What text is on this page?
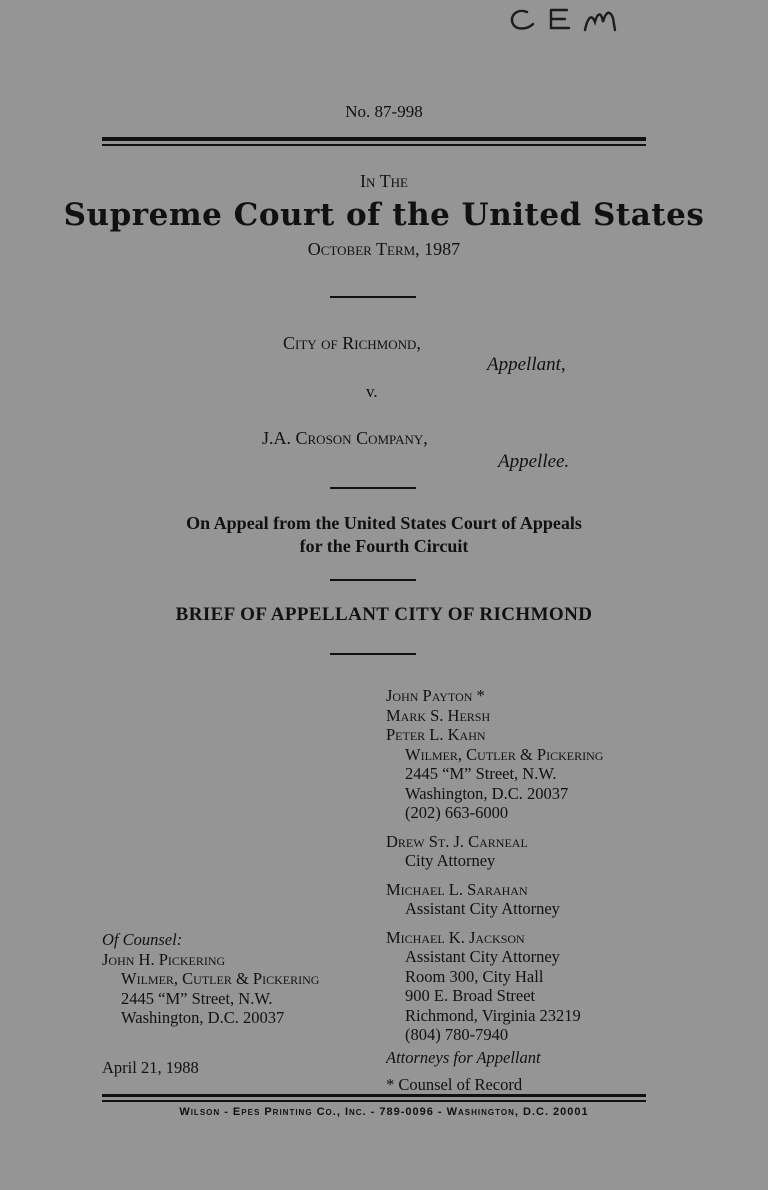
No. 87-998
In The
Supreme Court of the United States
October Term, 1987
City of Richmond,
Appellant,
v.
J.A. Croson Company,
Appellee.
On Appeal from the United States Court of Appeals
for the Fourth Circuit
BRIEF OF APPELLANT CITY OF RICHMOND
John Payton *
Mark S. Hersh
Peter L. Kahn
Wilmer, Cutler & Pickering
2445 “M” Street, N.W.
Washington, D.C. 20037
(202) 663-6000
Drew St. J. Carneal
City Attorney
Michael L. Sarahan
Assistant City Attorney
Michael K. Jackson
Assistant City Attorney
Room 300, City Hall
900 E. Broad Street
Richmond, Virginia 23219
(804) 780-7940
Attorneys for Appellant
* Counsel of Record
Of Counsel:
John H. Pickering
Wilmer, Cutler & Pickering
2445 “M” Street, N.W.
Washington, D.C. 20037
April 21, 1988
Wilson - Epes Printing Co., Inc. - 789-0096 - Washington, D.C. 20001
